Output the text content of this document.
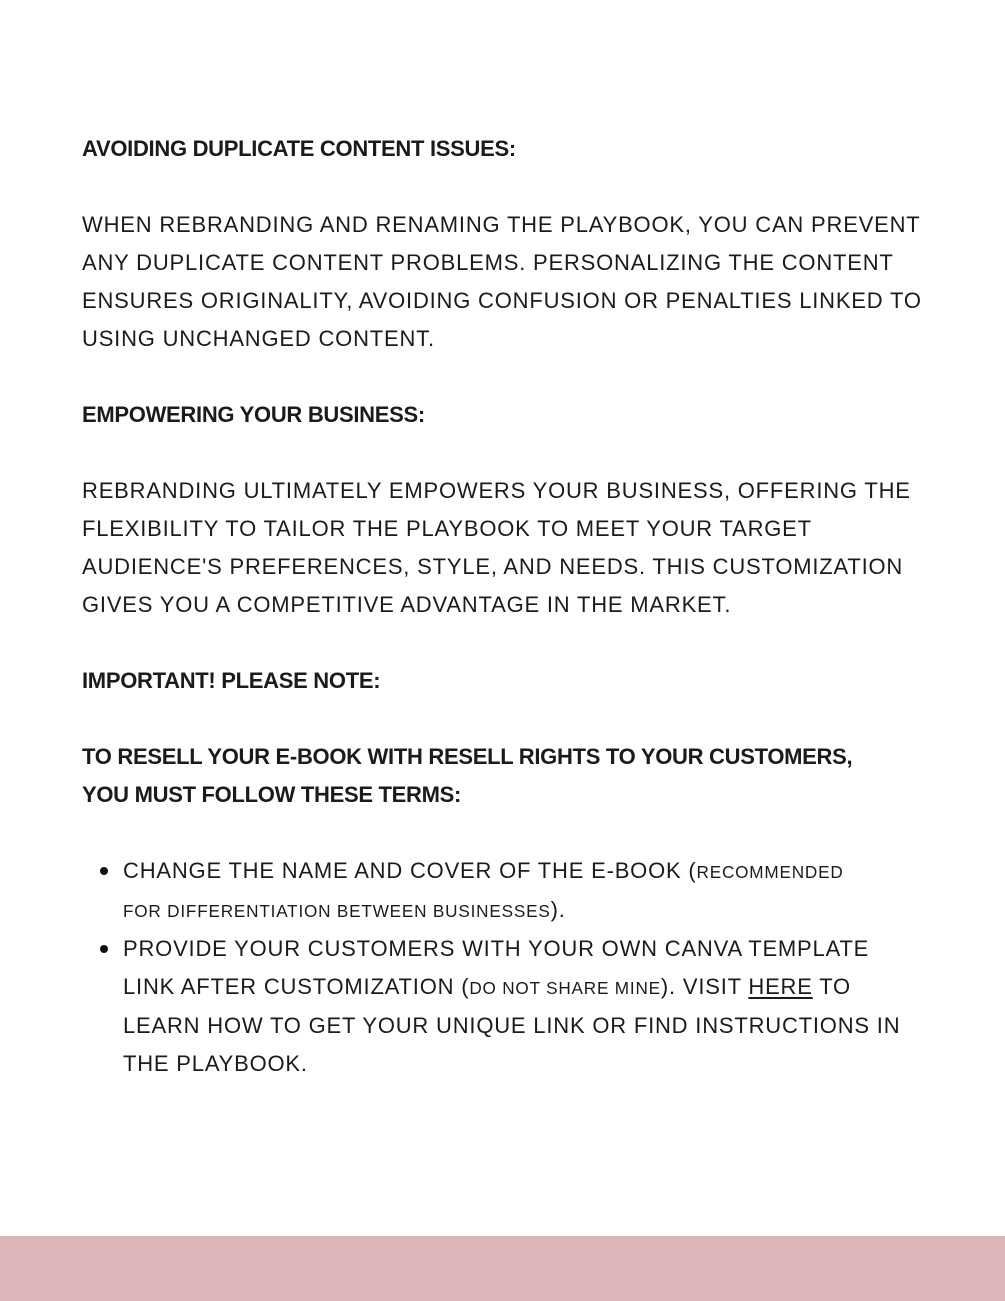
AVOIDING DUPLICATE CONTENT ISSUES:
WHEN REBRANDING AND RENAMING THE PLAYBOOK, YOU CAN PREVENT
ANY DUPLICATE CONTENT PROBLEMS. PERSONALIZING THE CONTENT
ENSURES ORIGINALITY, AVOIDING CONFUSION OR PENALTIES LINKED TO
USING UNCHANGED CONTENT.
EMPOWERING YOUR BUSINESS:
REBRANDING ULTIMATELY EMPOWERS YOUR BUSINESS, OFFERING THE
FLEXIBILITY TO TAILOR THE PLAYBOOK TO MEET YOUR TARGET
AUDIENCE'S PREFERENCES, STYLE, AND NEEDS. THIS CUSTOMIZATION
GIVES YOU A COMPETITIVE ADVANTAGE IN THE MARKET.
IMPORTANT! PLEASE NOTE:
TO RESELL YOUR E-BOOK WITH RESELL RIGHTS TO YOUR CUSTOMERS,
YOU MUST FOLLOW THESE TERMS:
CHANGE THE NAME AND COVER OF THE E-BOOK (RECOMMENDED
FOR DIFFERENTIATION BETWEEN BUSINESSES).
PROVIDE YOUR CUSTOMERS WITH YOUR OWN CANVA TEMPLATE
LINK AFTER CUSTOMIZATION (DO NOT SHARE MINE). VISIT HERE TO
LEARN HOW TO GET YOUR UNIQUE LINK OR FIND INSTRUCTIONS IN
THE PLAYBOOK.
